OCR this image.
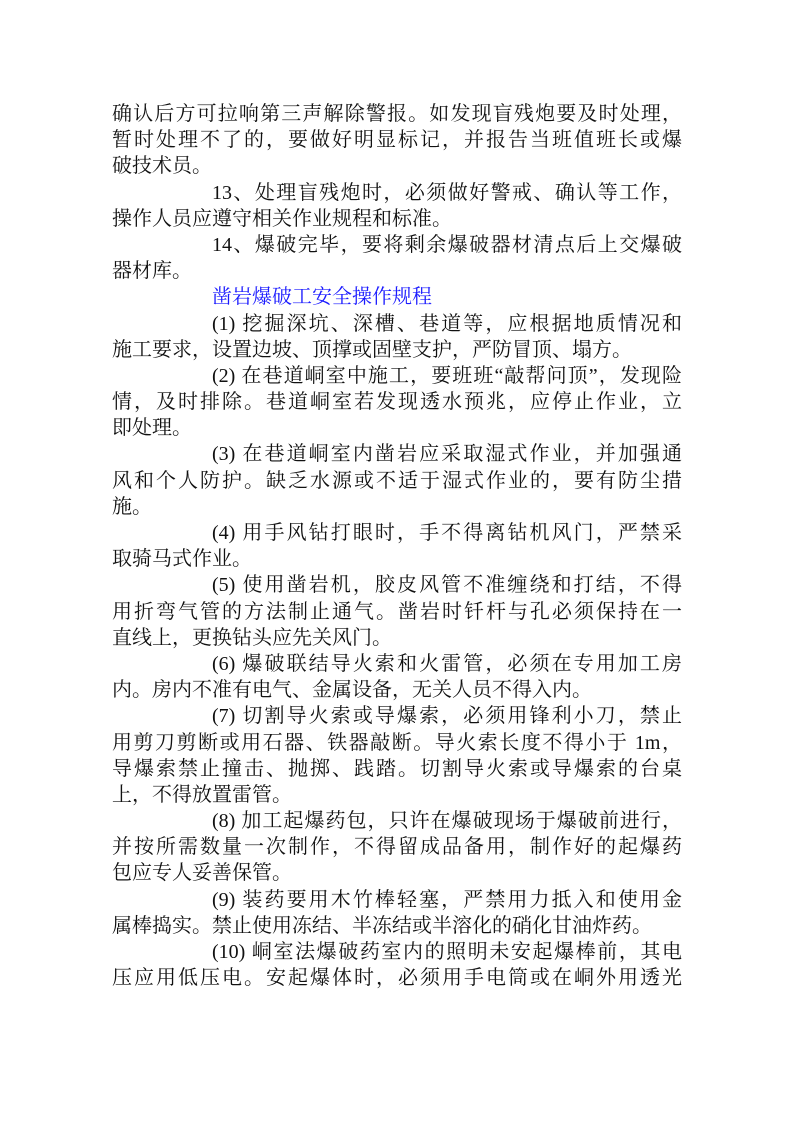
确认后方可拉响第三声解除警报。如发现盲残炮要及时处理，
暂时处理不了的，要做好明显标记，并报告当班值班长或爆
破技术员。
13、处理盲残炮时，必须做好警戒、确认等工作，
操作人员应遵守相关作业规程和标准。
14、爆破完毕，要将剩余爆破器材清点后上交爆破
器材库。
凿岩爆破工安全操作规程
(1) 挖掘深坑、深槽、巷道等，应根据地质情况和
施工要求，设置边坡、顶撑或固壁支护，严防冒顶、塌方。
(2) 在巷道峒室中施工，要班班“敲帮问顶”，发现险
情，及时排除。巷道峒室若发现透水预兆，应停止作业，立
即处理。
(3) 在巷道峒室内凿岩应采取湿式作业，并加强通
风和个人防护。缺乏水源或不适于湿式作业的，要有防尘措
施。
(4) 用手风钻打眼时，手不得离钻机风门，严禁采
取骑马式作业。
(5) 使用凿岩机，胶皮风管不准缠绕和打结，不得
用折弯气管的方法制止通气。凿岩时钎杆与孔必须保持在一
直线上，更换钻头应先关风门。
(6) 爆破联结导火索和火雷管，必须在专用加工房
内。房内不准有电气、金属设备，无关人员不得入内。
(7) 切割导火索或导爆索，必须用锋利小刀，禁止
用剪刀剪断或用石器、铁器敲断。导火索长度不得小于 1m，
导爆索禁止撞击、抛掷、践踏。切割导火索或导爆索的台桌
上，不得放置雷管。
(8) 加工起爆药包，只许在爆破现场于爆破前进行，
并按所需数量一次制作，不得留成品备用，制作好的起爆药
包应专人妥善保管。
(9) 装药要用木竹棒轻塞，严禁用力抵入和使用金
属棒捣实。禁止使用冻结、半冻结或半溶化的硝化甘油炸药。
(10) 峒室法爆破药室内的照明未安起爆棒前，其电
压应用低压电。安起爆体时，必须用手电筒或在峒外用透光
